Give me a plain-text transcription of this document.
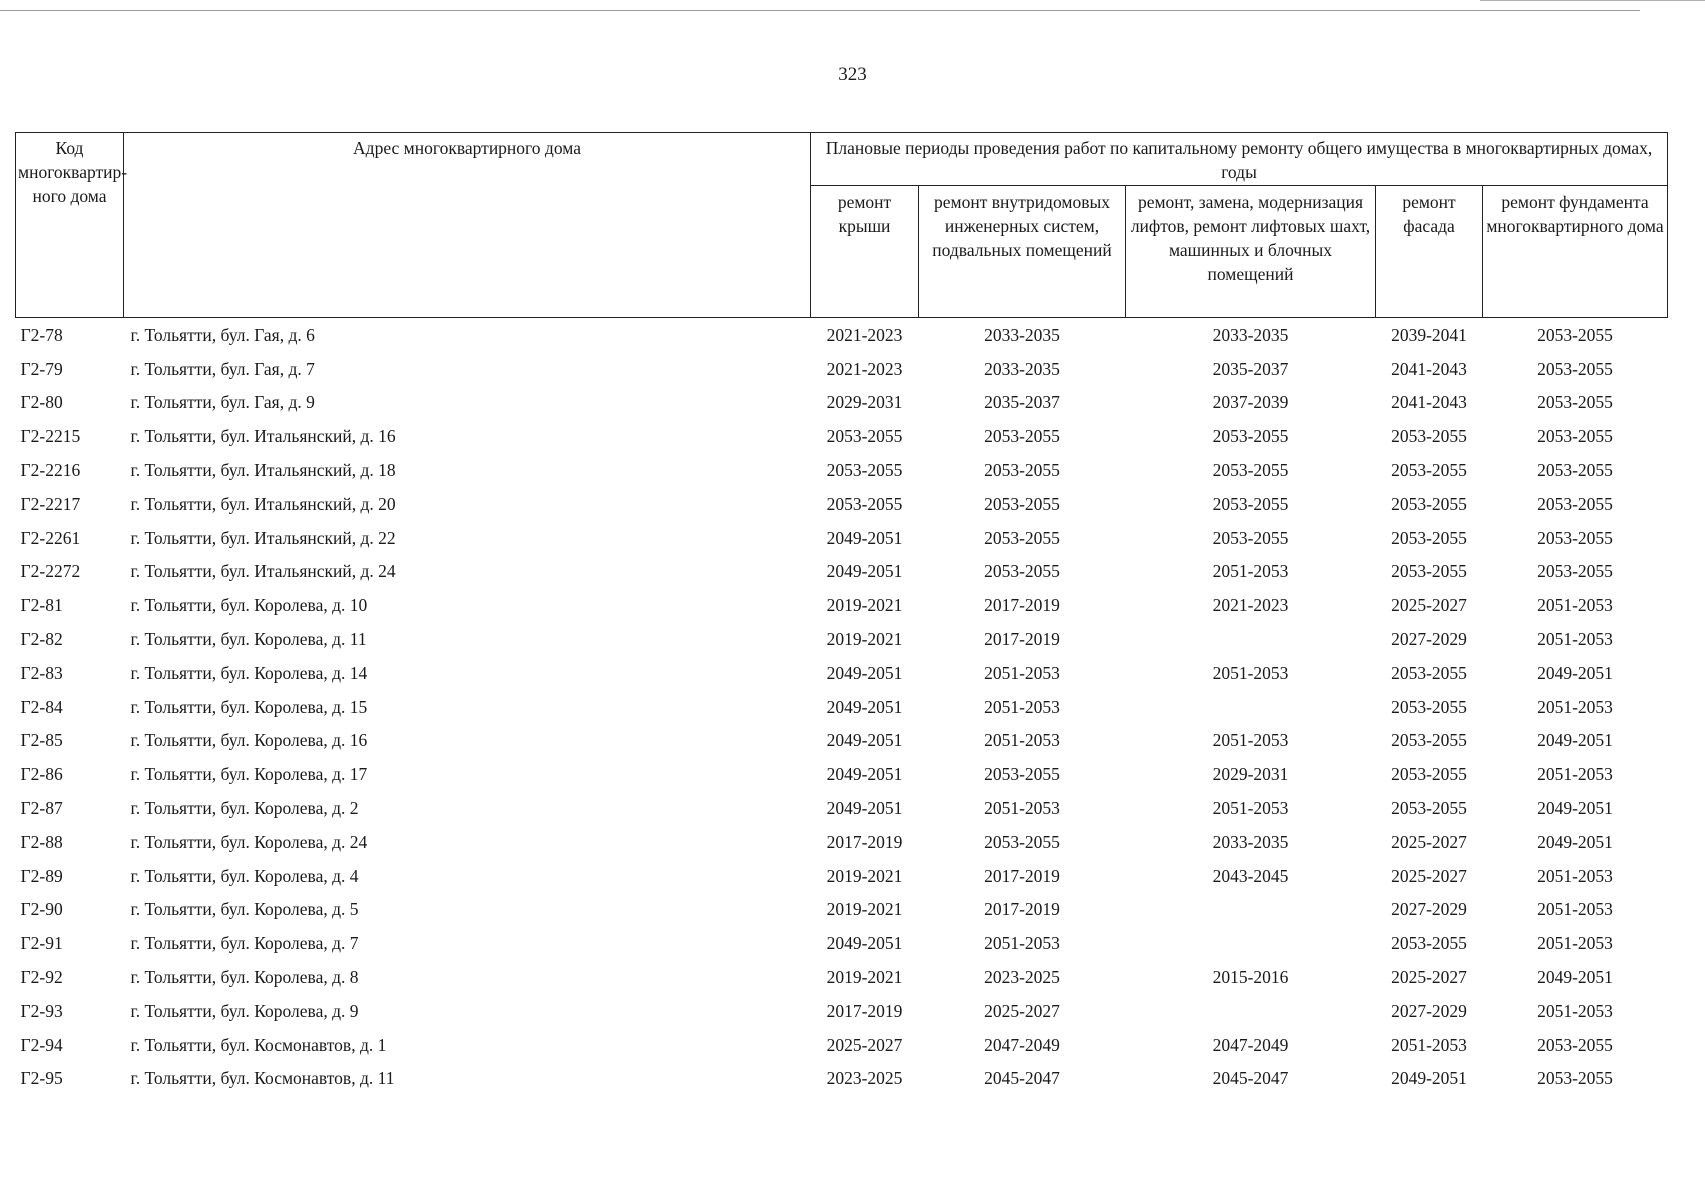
323
Код многоквартир-ного дома	Адрес многоквартирного дома	Плановые периоды проведения работ по капитальному ремонту общего имущества в многоквартирных домах, годы				
		ремонт крыши	ремонт внутридомовых инженерных систем, подвальных помещений	ремонт, замена, модернизация лифтов, ремонт лифтовых шахт, машинных и блочных помещений	ремонт фасада	ремонт фундамента многоквартирного дома
Г2-78	г. Тольятти, бул. Гая, д. 6	2021-2023	2033-2035	2033-2035	2039-2041	2053-2055
Г2-79	г. Тольятти, бул. Гая, д. 7	2021-2023	2033-2035	2035-2037	2041-2043	2053-2055
Г2-80	г. Тольятти, бул. Гая, д. 9	2029-2031	2035-2037	2037-2039	2041-2043	2053-2055
Г2-2215	г. Тольятти, бул. Итальянский, д. 16	2053-2055	2053-2055	2053-2055	2053-2055	2053-2055
Г2-2216	г. Тольятти, бул. Итальянский, д. 18	2053-2055	2053-2055	2053-2055	2053-2055	2053-2055
Г2-2217	г. Тольятти, бул. Итальянский, д. 20	2053-2055	2053-2055	2053-2055	2053-2055	2053-2055
Г2-2261	г. Тольятти, бул. Итальянский, д. 22	2049-2051	2053-2055	2053-2055	2053-2055	2053-2055
Г2-2272	г. Тольятти, бул. Итальянский, д. 24	2049-2051	2053-2055	2051-2053	2053-2055	2053-2055
Г2-81	г. Тольятти, бул. Королева, д. 10	2019-2021	2017-2019	2021-2023	2025-2027	2051-2053
Г2-82	г. Тольятти, бул. Королева, д. 11	2019-2021	2017-2019		2027-2029	2051-2053
Г2-83	г. Тольятти, бул. Королева, д. 14	2049-2051	2051-2053	2051-2053	2053-2055	2049-2051
Г2-84	г. Тольятти, бул. Королева, д. 15	2049-2051	2051-2053		2053-2055	2051-2053
Г2-85	г. Тольятти, бул. Королева, д. 16	2049-2051	2051-2053	2051-2053	2053-2055	2049-2051
Г2-86	г. Тольятти, бул. Королева, д. 17	2049-2051	2053-2055	2029-2031	2053-2055	2051-2053
Г2-87	г. Тольятти, бул. Королева, д. 2	2049-2051	2051-2053	2051-2053	2053-2055	2049-2051
Г2-88	г. Тольятти, бул. Королева, д. 24	2017-2019	2053-2055	2033-2035	2025-2027	2049-2051
Г2-89	г. Тольятти, бул. Королева, д. 4	2019-2021	2017-2019	2043-2045	2025-2027	2051-2053
Г2-90	г. Тольятти, бул. Королева, д. 5	2019-2021	2017-2019		2027-2029	2051-2053
Г2-91	г. Тольятти, бул. Королева, д. 7	2049-2051	2051-2053		2053-2055	2051-2053
Г2-92	г. Тольятти, бул. Королева, д. 8	2019-2021	2023-2025	2015-2016	2025-2027	2049-2051
Г2-93	г. Тольятти, бул. Королева, д. 9	2017-2019	2025-2027		2027-2029	2051-2053
Г2-94	г. Тольятти, бул. Космонавтов, д. 1	2025-2027	2047-2049	2047-2049	2051-2053	2053-2055
Г2-95	г. Тольятти, бул. Космонавтов, д. 11	2023-2025	2045-2047	2045-2047	2049-2051	2053-2055
